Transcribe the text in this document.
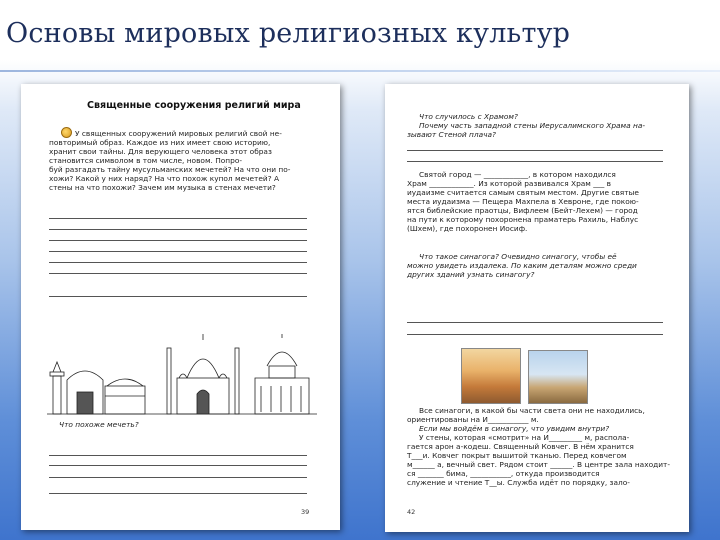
Основы мировых религиозных культур
Священные сооружения религий мира
У священных сооружений мировых религий свой не-
повторимый образ. Каждое из них имеет свою историю,
хранит свои тайны. Для верующего человека этот образ
становится символом в том числе, новом. Попро-
буй разгадать тайну мусульманских мечетей? На что они по-
хожи? Какой у них наряд? На что похож купол мечетей? А
стены на что похожи? Зачем им музыка в стенах мечети?
Что похоже мечеть?
39
Что случилось с Храмом?
Почему часть западной стены Иерусалимского Храма на-
зывают Стеной плача?
Святой город — ____________, в котором находился
Храм ____________. Из которой развивался Храм ___ в
иудаизме считается самым святым местом. Другие святые
места иудаизма — Пещера Махпела в Хевроне, где покою-
ятся библейские праотцы, Вифлеем (Бейт-Лехем) — город
на пути к которому похоронена праматерь Рахиль, Наблус
(Шхем), где похоронен Иосиф.
Что такое синагога? Очевидно синагогу, чтобы её
можно увидеть издалека. По каким деталям можно среди
других зданий узнать синагогу?
Все синагоги, в какой бы части света они не находились,
ориентированы на И___________ м.
Если мы войдём в синагогу, что увидим внутри?
У стены, которая «смотрит» на И_________ м, распола-
гается арон а-кодеш. Священный Ковчег. В нём хранится
Т___и. Ковчег покрыт вышитой тканью. Перед ковчегом
м______ а, вечный свет. Рядом стоит ______. В центре зала находит-
ся _______ бима, ___________, откуда производится
служение и чтение Т__ы. Служба идёт по порядку, зало-
42
